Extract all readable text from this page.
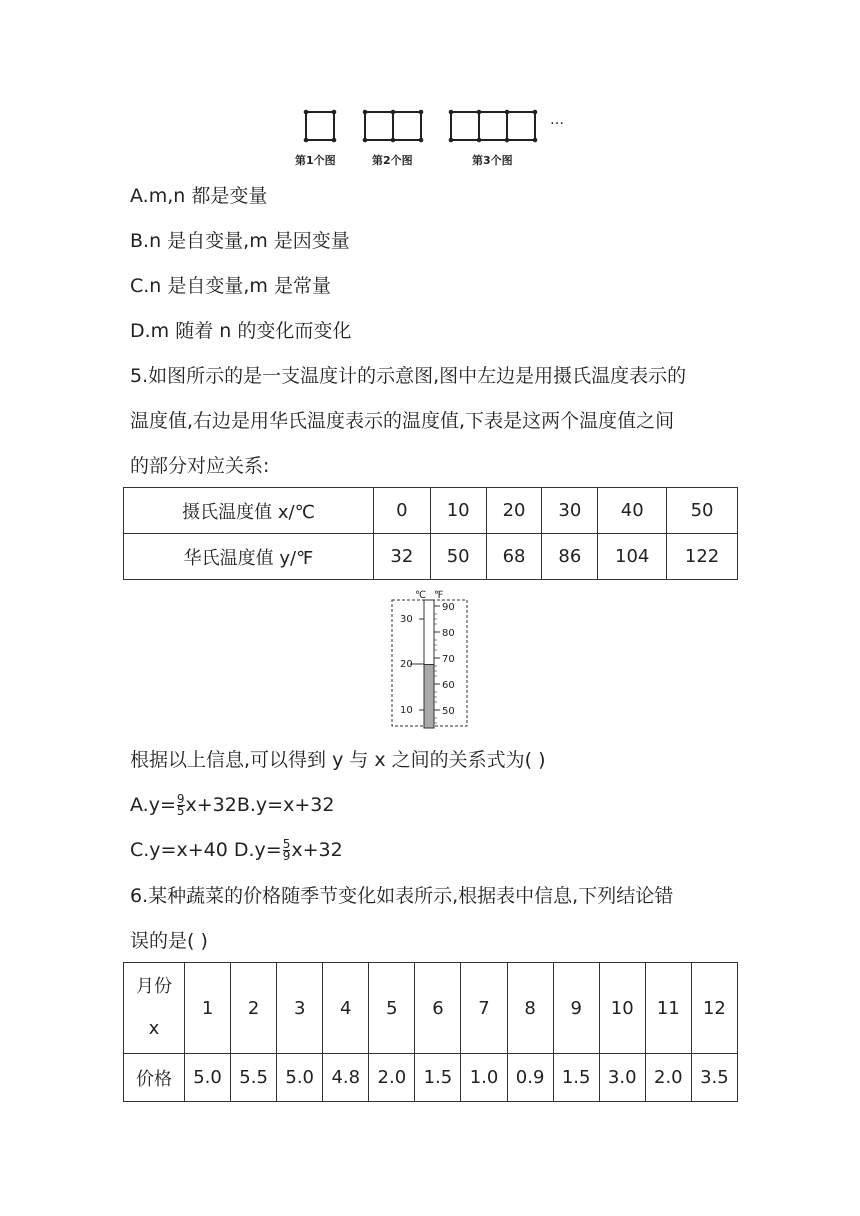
…
第1个图	第2个图	第3个图
A.m,n 都是变量
B.n 是自变量,m 是因变量
C.n 是自变量,m 是常量
D.m 随着 n 的变化而变化
5.如图所示的是一支温度计的示意图,图中左边是用摄氏温度表示的
温度值,右边是用华氏温度表示的温度值,下表是这两个温度值之间
的部分对应关系:
摄氏温度值 x/℃	0	10	20	30	40	50
华氏温度值 y/℉	32	50	68	86	104	122
℃ ℉
30
20
10
90
80
70
60
50
根据以上信息,可以得到 y 与 x 之间的关系式为( )
$A.y= \frac{9}{5} x+32B.y=x+32$
C.y=x+40 $D.y= \frac{5}{9} x+32$
6.某种蔬菜的价格随季节变化如表所示,根据表中信息,下列结论错
误的是( )
月份
x	1	2	3	4	5	6	7	8	9	10	11	12
价格	5.0	5.5	5.0	4.8	2.0	1.5	1.0	0.9	1.5	3.0	2.0	3.5
